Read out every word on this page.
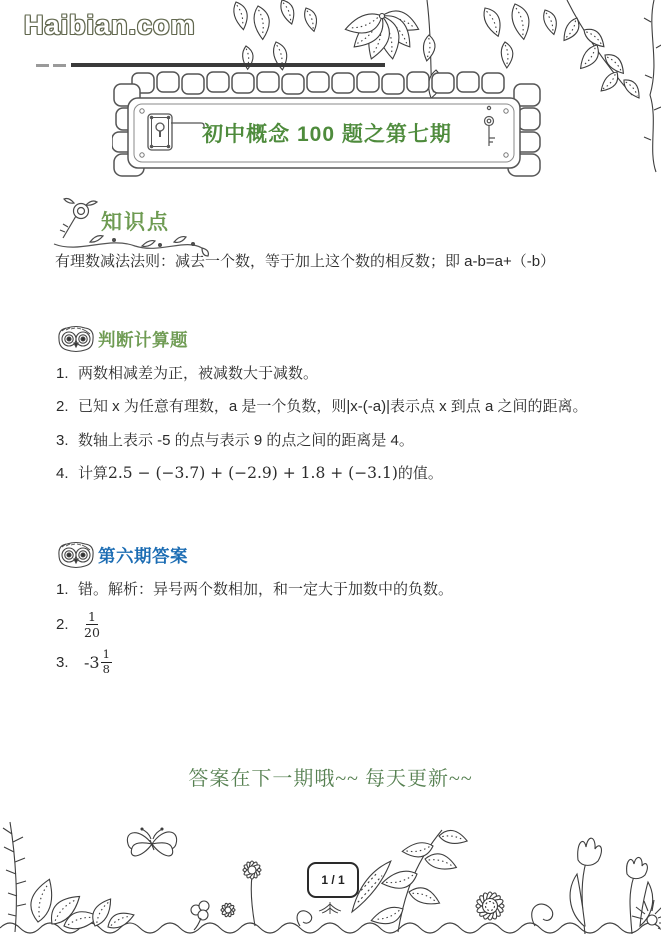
Haibian.com
初中概念 100 题之第七期
知识点
有理数减法法则：减去一个数，等于加上这个数的相反数；即 a-b=a+（-b）
判断计算题
1. 两数相减差为正，被减数大于减数。
2. 已知 x 为任意有理数，a 是一个负数，则|x-(-a)|表示点 x 到点 a 之间的距离。
3. 数轴上表示 -5 的点与表示 9 的点之间的距离是 4。
4. 计算2.5 − (−3.7) + (−2.9) + 1.8 + (−3.1)的值。
第六期答案
1. 错。解析：异号两个数相加，和一定大于加数中的负数。
2.	$\frac{1}{20}$
3. $-3 \frac{1}{8}$
答案在下一期哦~~ 每天更新~~
1 / 1
